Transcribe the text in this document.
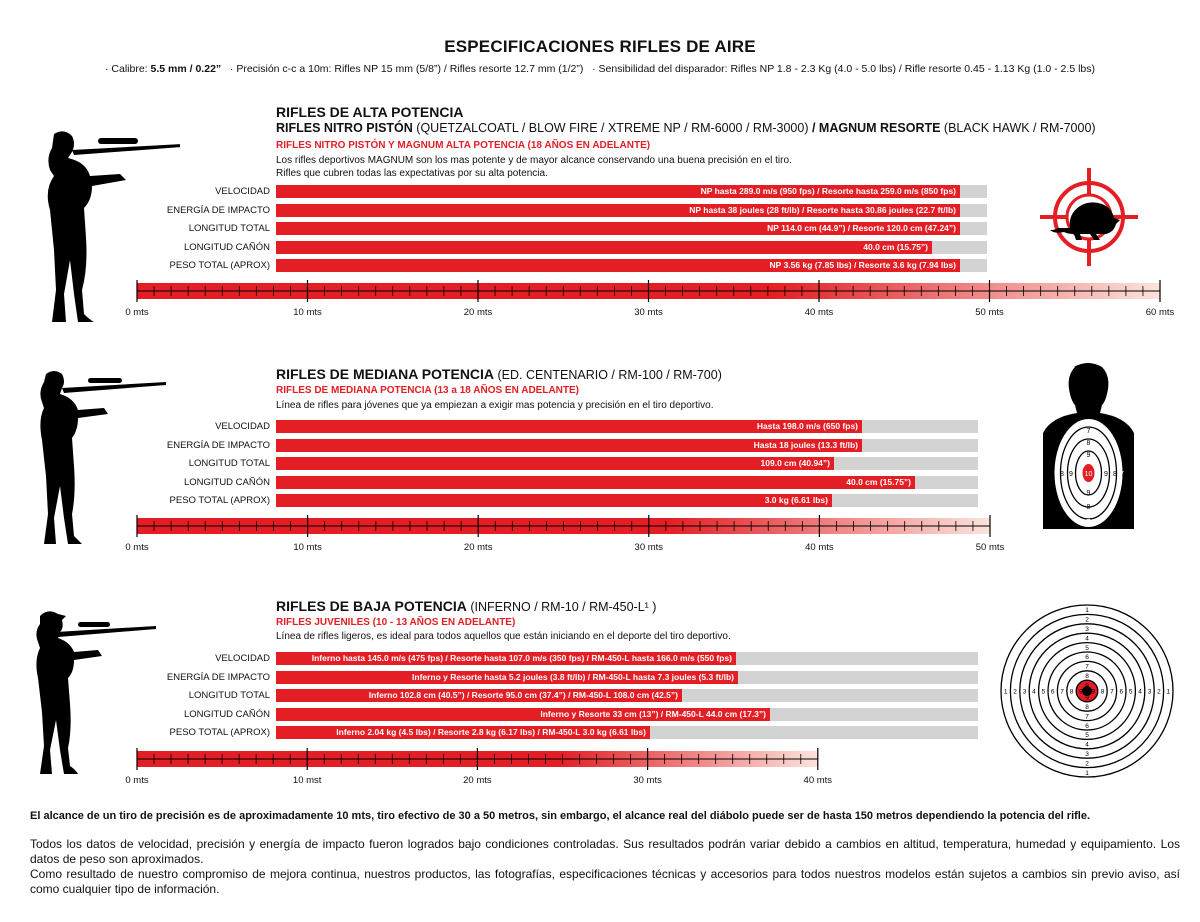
ESPECIFICACIONES RIFLES DE AIRE
· Calibre: 5.5 mm / 0.22” · Precisión c-c a 10m: Rifles NP 15 mm (5/8”) / Rifles resorte 12.7 mm (1/2”) · Sensibilidad del disparador: Rifles NP 1.8 - 2.3 Kg (4.0 - 5.0 lbs) / Rifle resorte 0.45 - 1.13 Kg (1.0 - 2.5 lbs)
RIFLES DE ALTA POTENCIA
RIFLES NITRO PISTÓN (QUETZALCOATL / BLOW FIRE / XTREME NP / RM-6000 / RM-3000) / MAGNUM RESORTE (BLACK HAWK / RM-7000)
RIFLES NITRO PISTÓN Y MAGNUM ALTA POTENCIA (18 AÑOS EN ADELANTE)
Los rifles deportivos MAGNUM son los mas potente y de mayor alcance conservando una buena precisión en el tiro.
Rifles que cubren todas las expectativas por su alta potencia.
VELOCIDAD	NP hasta 289.0 m/s (950 fps) / Resorte hasta 259.0 m/s (850 fps)
ENERGÍA DE IMPACTO	NP hasta 38 joules (28 ft/lb) / Resorte hasta 30.86 joules (22.7 ft/lb)
LONGITUD TOTAL	NP 114.0 cm (44.9”) / Resorte 120.0 cm (47.24”)
LONGITUD CAÑÓN	40.0 cm (15.75”)
PESO TOTAL (APROX)	NP 3.56 kg (7.85 lbs) / Resorte 3.6 kg (7.94 lbs)
0 mts	10 mts	20 mts	30 mts	40 mts	50 mts	60 mts
RIFLES DE MEDIANA POTENCIA (ED. CENTENARIO / RM-100 / RM-700)
RIFLES DE MEDIANA POTENCIA (13 a 18 AÑOS EN ADELANTE)
Línea de rifles para jóvenes que ya empiezan a exigir mas potencia y precisión en el tiro deportivo.
VELOCIDAD	Hasta 198.0 m/s (650 fps)
ENERGÍA DE IMPACTO	Hasta 18 joules (13.3 ft/lb)
LONGITUD TOTAL	109.0 cm (40.94”)
LONGITUD CAÑÓN	40.0 cm (15.75”)
PESO TOTAL (APROX)	3.0 kg (6.61 lbs)
0 mts	10 mts	20 mts	30 mts	40 mts	50 mts
10
8 9	9 8
7	7
7
8
9
9
8
7
RIFLES DE BAJA POTENCIA (INFERNO / RM-10 / RM-450-L¹ )
RIFLES JUVENILES (10 - 13 AÑOS EN ADELANTE)
Línea de rifles ligeros, es ideal para todos aquellos que están iniciando en el deporte del tiro deportivo.
VELOCIDAD	Inferno hasta 145.0 m/s (475 fps) / Resorte hasta 107.0 m/s (350 fps) / RM-450-L hasta 166.0 m/s (550 fps)
ENERGÍA DE IMPACTO	Inferno y Resorte hasta 5.2 joules (3.8 ft/lb) / RM-450-L hasta 7.3 joules (5.3 ft/lb)
LONGITUD TOTAL	Inferno 102.8 cm (40.5”) / Resorte 95.0 cm (37.4”) / RM-450-L 108.0 cm (42.5”)
LONGITUD CAÑÓN	Inferno y Resorte 33 cm (13”) / RM-450-L 44.0 cm (17.3”)
PESO TOTAL (APROX)	Inferno 2.04 kg (4.5 lbs) / Resorte 2.8 kg (6.17 lbs) / RM-450-L 3.0 kg (6.61 lbs)
0 mts	10 mst	20 mts	30 mts	40 mts
1	1
1
1
2	2
2
2
3	3
3
3
4	4
4
4
5	5
5
5
6	6
6
6
7	7
7
7
8	8
8
8
9 9
9
9
El alcance de un tiro de precisión es de aproximadamente 10 mts, tiro efectivo de 30 a 50 metros, sin embargo, el alcance real del diábolo puede ser de hasta 150 metros dependiendo la potencia del rifle.
Todos los datos de velocidad, precisión y energía de impacto fueron logrados bajo condiciones controladas. Sus resultados podrán variar debido a cambios en altitud, temperatura, humedad y equipamiento. Los datos de peso son aproximados.
Como resultado de nuestro compromiso de mejora continua, nuestros productos, las fotografías, especificaciones técnicas y accesorios para todos nuestros modelos están sujetos a cambios sin previo aviso, así como cualquier tipo de información.
